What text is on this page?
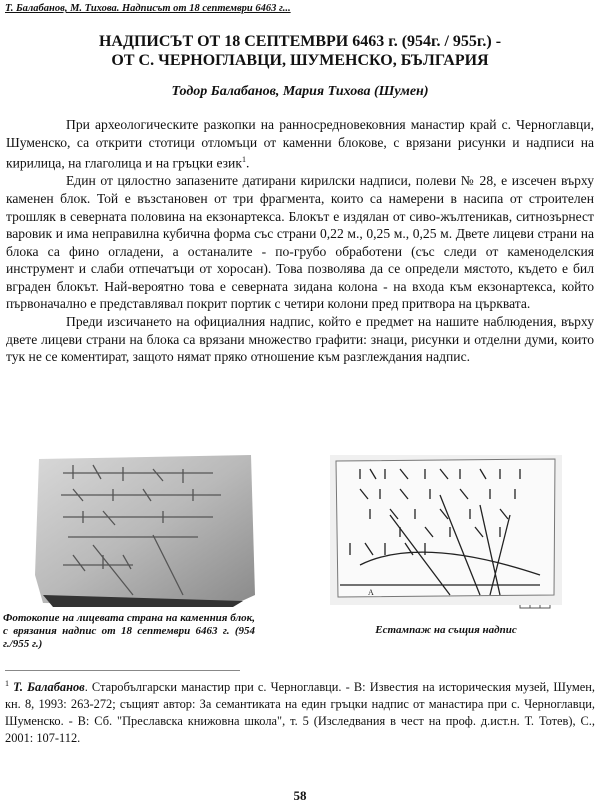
Т. Балабанов, М. Тихова. Надписът от 18 септември 6463 г...
НАДПИСЪТ ОТ 18 СЕПТЕМВРИ 6463 г. (954г. / 955г.) -
ОТ С. ЧЕРНОГЛАВЦИ, ШУМЕНСКО, БЪЛГАРИЯ
Тодор Балабанов, Мария Тихова (Шумен)

При археологическите разкопки на ранносредновековния манастир край с. Черноглавци, Шуменско, са открити стотици отломъци от каменни блокове, с врязани рисунки и надписи на кирилица, на глаголица и на гръцки език$^1$.

Един от цялостно запазените датирани кирилски надписи, полеви № 28, е изсечен върху каменен блок. Той е възстановен от три фрагмента, които са намерени в насипа от строителен трошляк в северната половина на екзонартекса. Блокът е издялан от сиво-жълтеникав, ситнозърнест варовик и има неправилна кубична форма със страни 0,22 м., 0,25 м., 0,25 м. Двете лицеви страни на блока са фино огладени, а останалите - по-грубо обработени (със следи от каменоделския инструмент и слаби отпечатъци от хоросан). Това позволява да се определи мястото, където е бил вграден блокът. Най-вероятно това е северната зидана колона - на входа към екзонартекса, който първоначално е представлявал покрит портик с четири колони пред притвора на църквата.

Преди изсичането на официалния надпис, който е предмет на нашите наблюдения, върху двете лицеви страни на блока са врязани множество графити: знаци, рисунки и отделни думи, които тук не се коментират, защото нямат пряко отношение към разглеждания надпис.

A
Фотокопие на лицевата страна на каменния блок, с врязания надпис от 18 септември 6463 г. (954 г./955 г.)
Естампаж на същия надпис
$^1$ Т. Балабанов. Старобългарски манастир при с. Черноглавци. - В: Известия на историческия музей, Шумен, кн. 8, 1993: 263-272; същият автор: За семантиката на един гръцки надпис от манастира при с. Черноглавци, Шуменско. - В: Сб. "Преславска книжовна школа", т. 5 (Изследвания в чест на проф. д.ист.н. Т. Тотев), С., 2001: 107-112.
58
